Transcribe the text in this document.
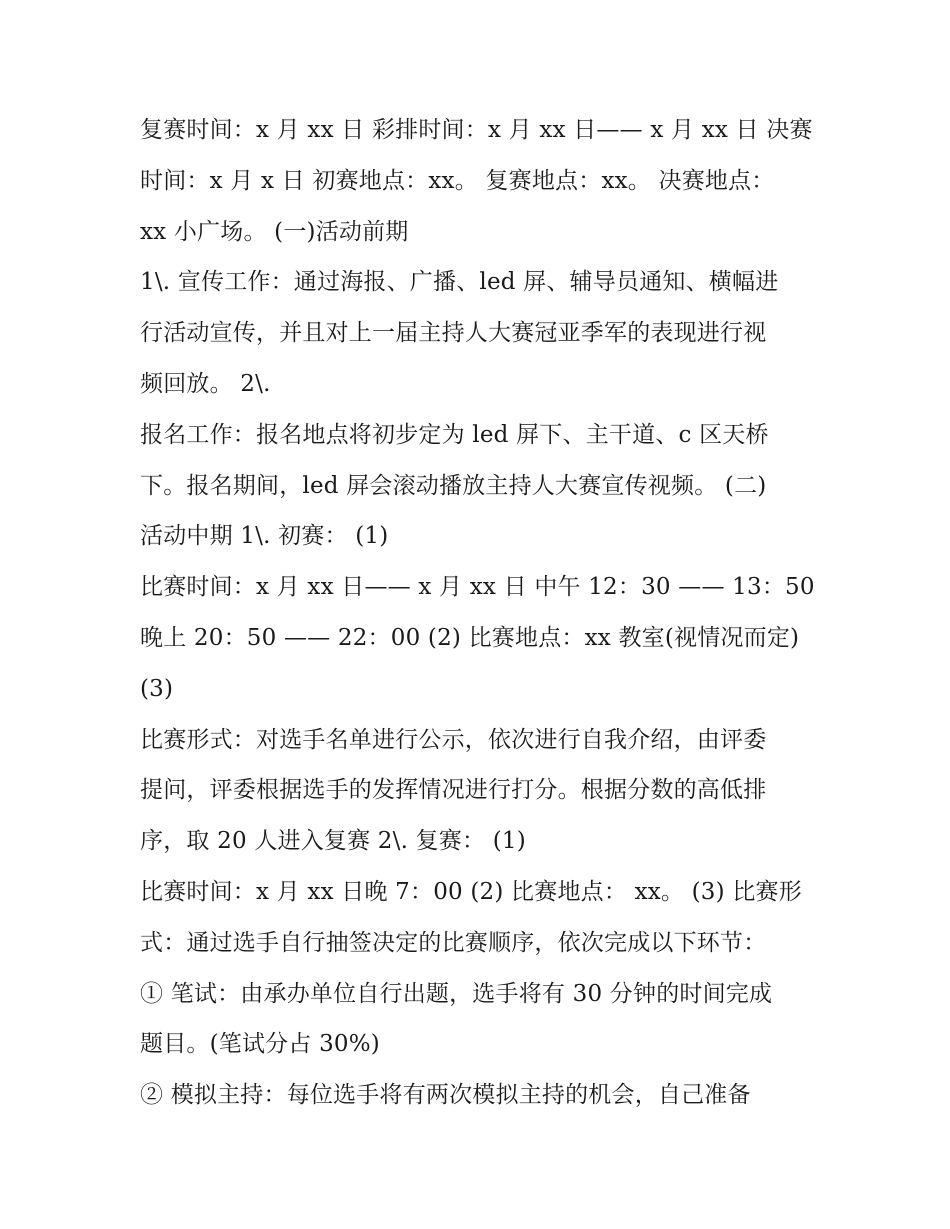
复赛时间：x 月 xx 日 彩排时间：x 月 xx 日—— x 月 xx 日 决赛
时间：x 月 x 日 初赛地点：xx。 复赛地点：xx。 决赛地点：
xx 小广场。 (一)活动前期
1\. 宣传工作：通过海报、广播、led 屏、辅导员通知、横幅进
行活动宣传，并且对上一届主持人大赛冠亚季军的表现进行视
频回放。 2\.
报名工作：报名地点将初步定为 led 屏下、主干道、c 区天桥
下。报名期间，led 屏会滚动播放主持人大赛宣传视频。 (二)
活动中期 1\. 初赛： (1)
比赛时间：x 月 xx 日—— x 月 xx 日 中午 12：30 —— 13：50
晚上 20：50 —— 22：00 (2) 比赛地点：xx 教室(视情况而定)
(3)
比赛形式：对选手名单进行公示，依次进行自我介绍，由评委
提问，评委根据选手的发挥情况进行打分。根据分数的高低排
序，取 20 人进入复赛 2\. 复赛： (1)
比赛时间：x 月 xx 日晚 7：00 (2) 比赛地点： xx。 (3) 比赛形
式：通过选手自行抽签决定的比赛顺序，依次完成以下环节：
① 笔试：由承办单位自行出题，选手将有 30 分钟的时间完成
题目。(笔试分占 30%)
② 模拟主持：每位选手将有两次模拟主持的机会，自己准备
